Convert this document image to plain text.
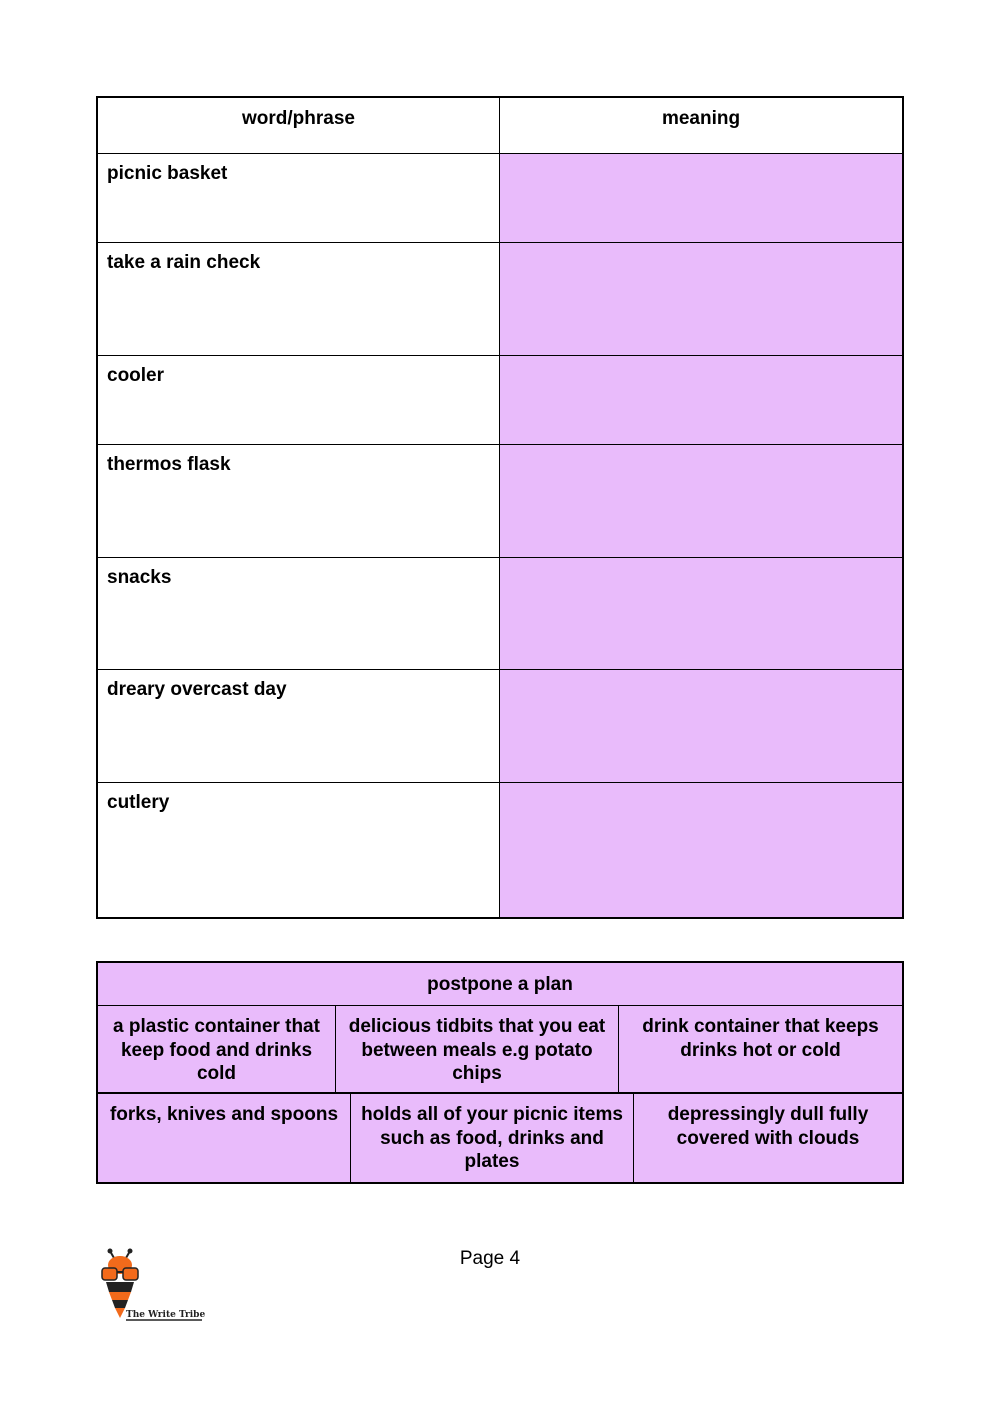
word/phrase	meaning
picnic basket
take a rain check
cooler
thermos flask
snacks
dreary overcast day
cutlery
postpone a plan
a plastic container that keep food and drinks cold
delicious tidbits that you eat between meals e.g potato chips
drink container that keeps drinks hot or cold
forks, knives and spoons	holds all of your picnic items such as food, drinks and plates
depressingly dull fully covered with clouds
Page 4
The Write Tribe
